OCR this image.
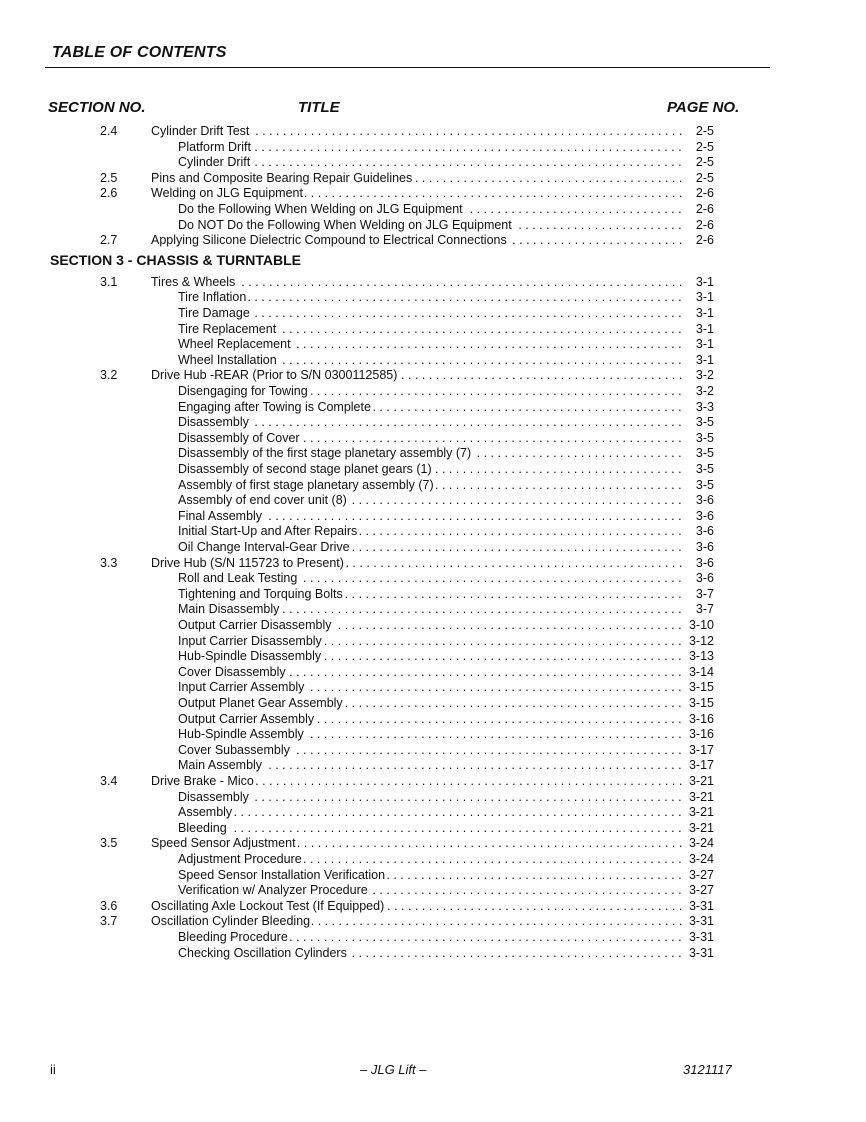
TABLE OF CONTENTS
SECTION NO.	TITLE	PAGE NO.
2.4	Cylinder Drift Test . . .	2-5
Platform Drift . . .	2-5
Cylinder Drift . . .	2-5
2.5	Pins and Composite Bearing Repair Guidelines . . .	2-5
2.6	Welding on JLG Equipment . . .	2-6
Do the Following When Welding on JLG Equipment . . .	2-6
Do NOT Do the Following When Welding on JLG Equipment . . .	2-6
2.7	Applying Silicone Dielectric Compound to Electrical Connections . . .	2-6
SECTION 3 - CHASSIS & TURNTABLE
3.1	Tires & Wheels . . .	3-1
Tire Inflation . . .	3-1
Tire Damage . . .	3-1
Tire Replacement . . .	3-1
Wheel Replacement . . .	3-1
Wheel Installation . . .	3-1
3.2	Drive Hub -REAR (Prior to S/N 0300112585) . . .	3-2
Disengaging for Towing . . .	3-2
Engaging after Towing is Complete . . .	3-3
Disassembly . . .	3-5
Disassembly of Cover . . .	3-5
Disassembly of the first stage planetary assembly (7) . . .	3-5
Disassembly of second stage planet gears (1) . . .	3-5
Assembly of first stage planetary assembly (7) . . .	3-5
Assembly of end cover unit (8) . . .	3-6
Final Assembly . . .	3-6
Initial Start-Up and After Repairs . . .	3-6
Oil Change Interval-Gear Drive . . .	3-6
3.3	Drive Hub (S/N 115723 to Present) . . .	3-6
Roll and Leak Testing . . .	3-6
Tightening and Torquing Bolts . . .	3-7
Main Disassembly . . .	3-7
Output Carrier Disassembly . . .	3-10
Input Carrier Disassembly . . .	3-12
Hub-Spindle Disassembly . . .	3-13
Cover Disassembly . . .	3-14
Input Carrier Assembly . . .	3-15
Output Planet Gear Assembly . . .	3-15
Output Carrier Assembly . . .	3-16
Hub-Spindle Assembly . . .	3-16
Cover Subassembly . . .	3-17
Main Assembly . . .	3-17
3.4	Drive Brake - Mico . . .	3-21
Disassembly . . .	3-21
Assembly . . .	3-21
Bleeding . . .	3-21
3.5	Speed Sensor Adjustment . . .	3-24
Adjustment Procedure . . .	3-24
Speed Sensor Installation Verification . . .	3-27
Verification w/ Analyzer Procedure . . .	3-27
3.6	Oscillating Axle Lockout Test (If Equipped) . . .	3-31
3.7	Oscillation Cylinder Bleeding . . .	3-31
Bleeding Procedure . . .	3-31
Checking Oscillation Cylinders . . .	3-31
ii	– JLG Lift –	3121117
